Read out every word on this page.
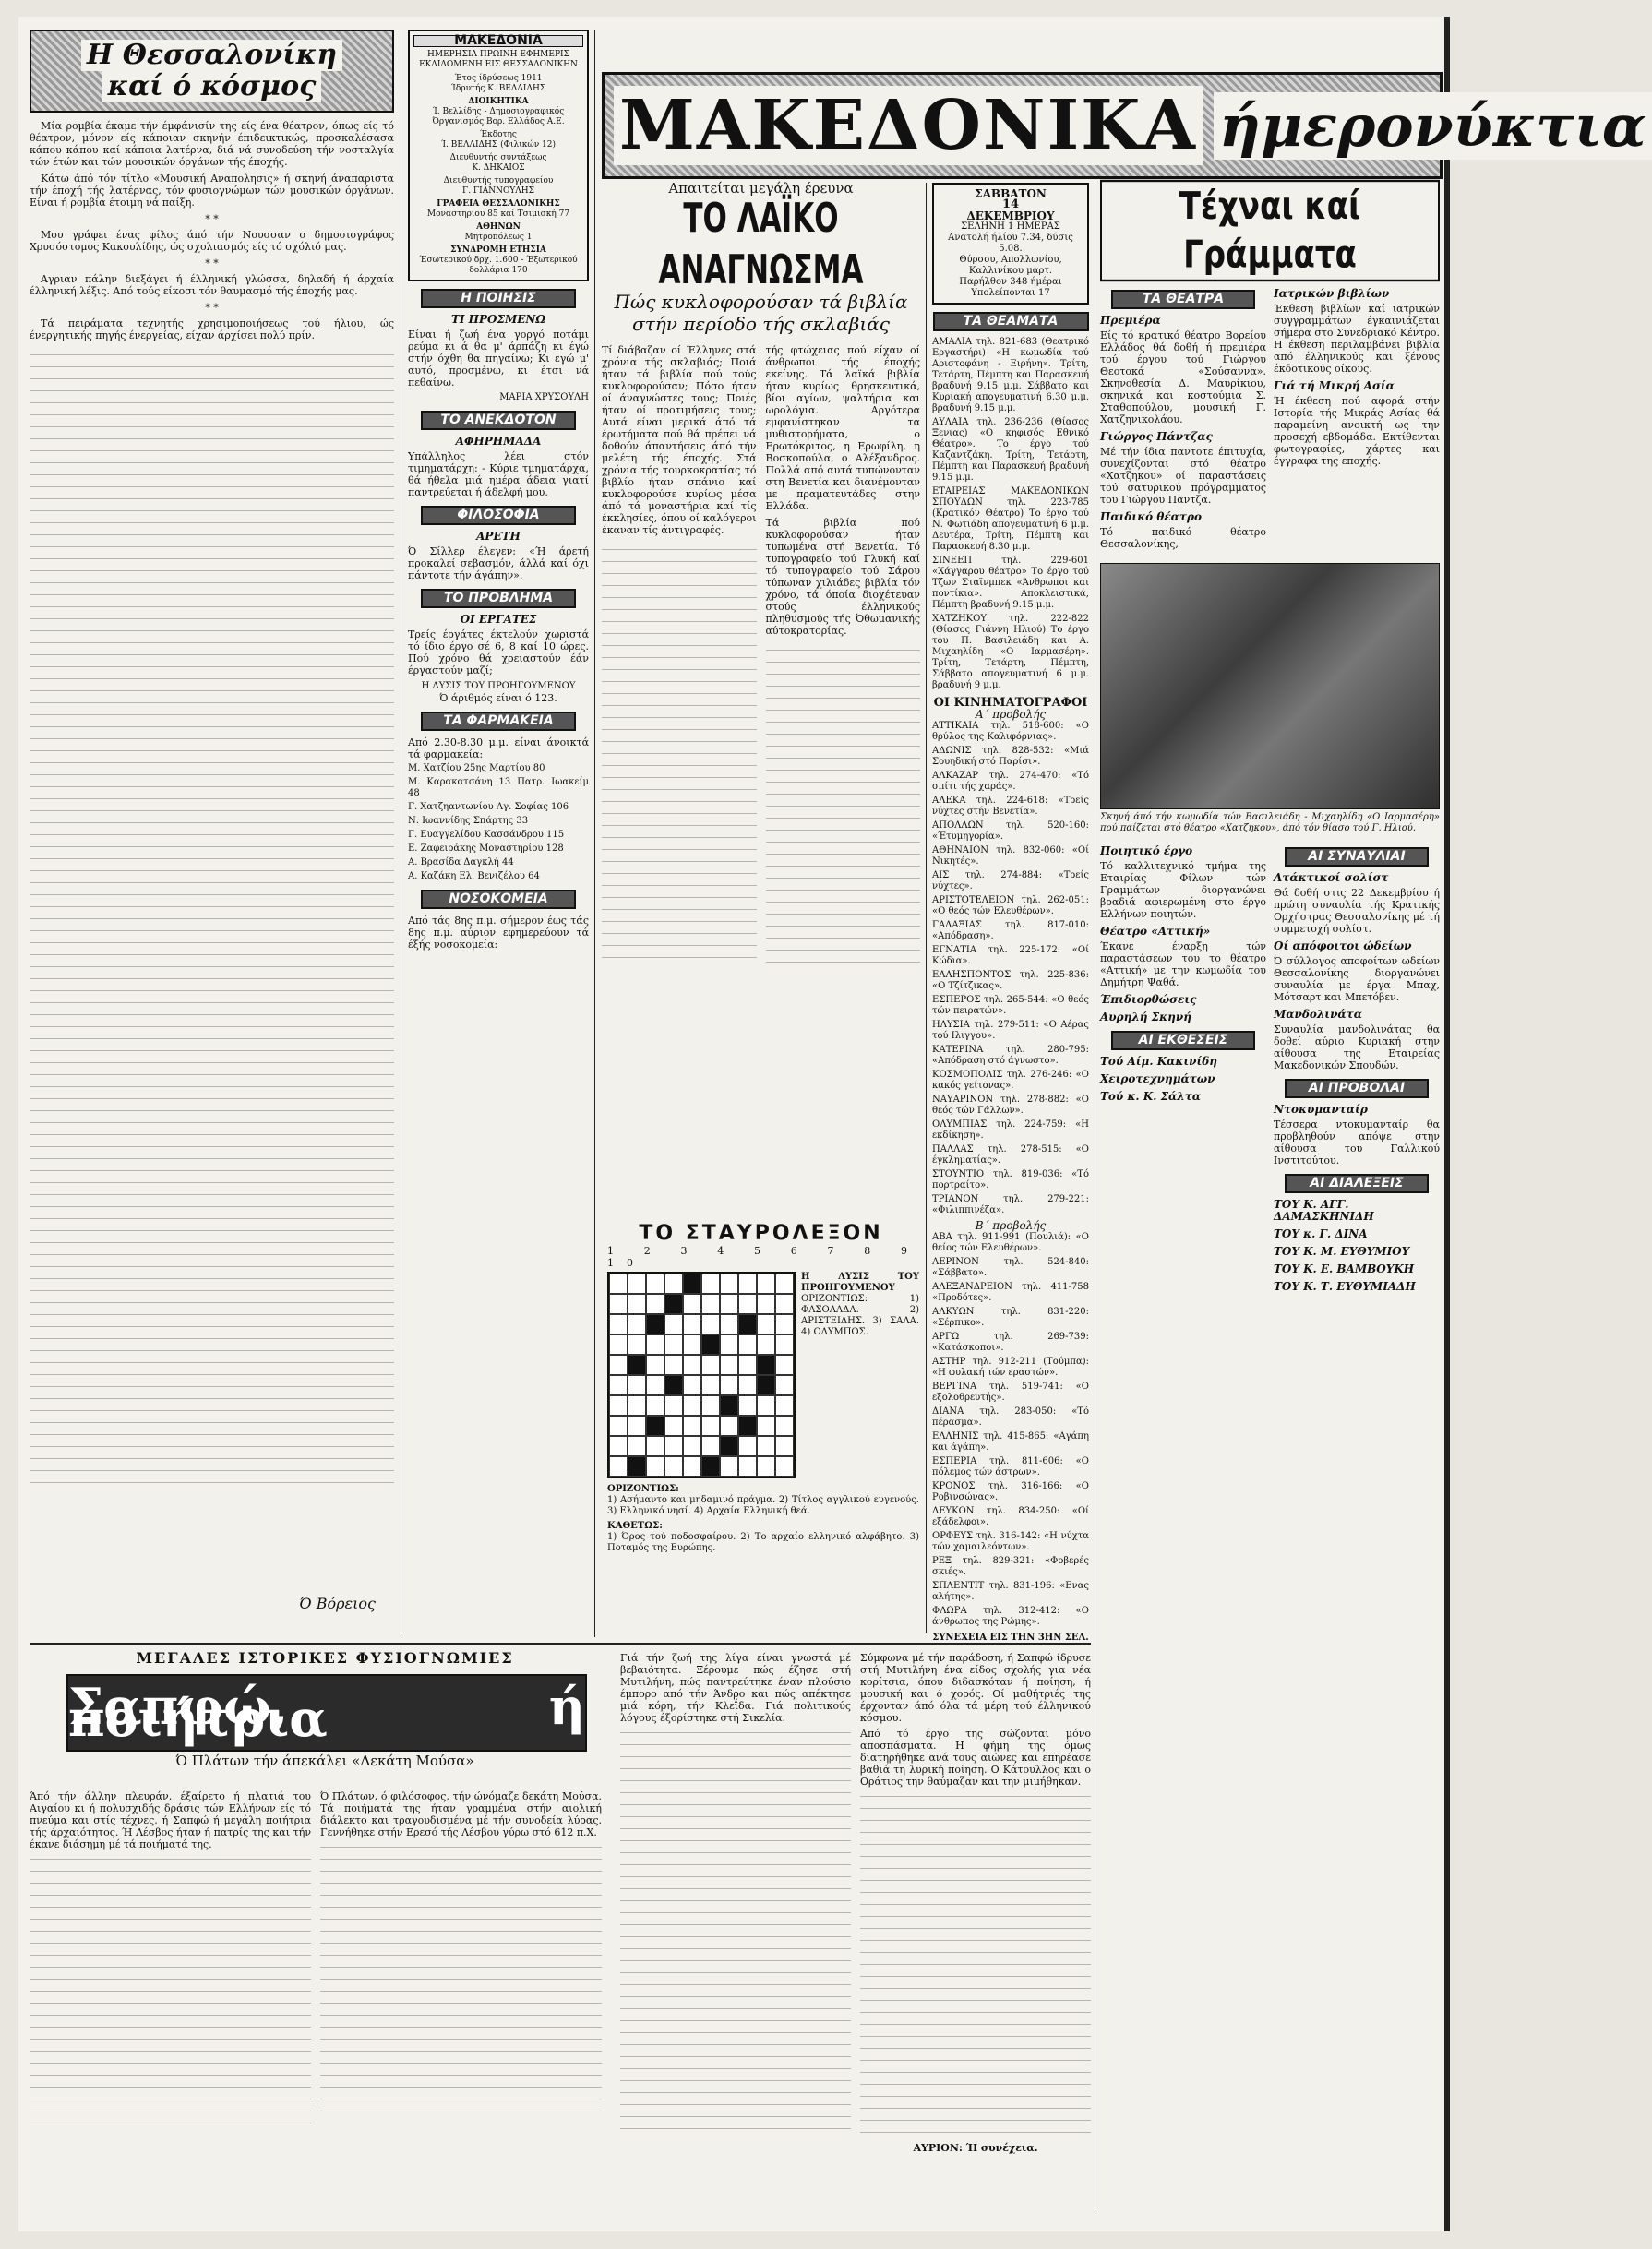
Η Θεσσαλονίκη
καί ό κόσμος

Μία ρομβία έκαμε τήν έμφάνισίν της είς ένα θέατρον, όπως είς τό θέατρον, μόνον είς κάποιαν σκηνήν έπιδεικτικώς, προσκαλέσασα κάπου κάπου καί κάποια λατέρνα, διά νά συνοδεύση τήν νοσταλγία τών έτών και τών μουσικών όργάνων τής έποχής.

Κάτω άπό τόν τίτλο «Μουσική Αναπολησις» ή σκηνή άναπαριστα τήν έποχή τής λατέρνας, τόν φυσιογνώμων τών μουσικών όργάνων. Είναι ή ρομβία έτοιμη νά παίξη.

* *

Μου γράφει ένας φίλος άπό τήν Νουσσαν ο δημοσιογράφος Χρυσόστομος Κακουλίδης, ώς σχολιασμός είς τό σχόλιό μας.

* *

Αγριαν πάλην διεξάγει ή έλληνική γλώσσα, δηλαδή ή άρχαία έλληνική λέξις. Από τούς είκοσι τόν θαυμασμό τής έποχής μας.

* *

Τά πειράματα τεχνητής χρησιμοποιήσεως τού ήλιου, ώς ένεργητικής πηγής ένεργείας, είχαν άρχίσει πολύ πρίν.

Ό Βόρειος
ΜΑΚΕΔΟΝΙΑ
ΗΜΕΡΗΣΙΑ ΠΡΩΙΝΗ ΕΦΗΜΕΡΙΣ ΕΚΔΙΔΟΜΕΝΗ ΕΙΣ ΘΕΣΣΑΛΟΝΙΚΗΝ
Έτος ίδρύσεως 1911
Ίδρυτής Κ. ΒΕΛΛΙΔΗΣ
ΔΙΟΙΚΗΤΙΚΑ
Ί. Βελλίδης - Δημοσιογραφικός Όργανισμός Βορ. Ελλάδος Α.Ε.
Έκδοτης
Ί. ΒΕΛΛΙΔΗΣ (Φιλικών 12)
Διευθυντής συντάξεως
Κ. ΔΗΚΑΙΟΣ
Διευθυντής τυπογραφείου
Γ. ΓΙΑΝΝΟΥΛΗΣ
ΓΡΑΦΕΙΑ ΘΕΣΣΑΛΟΝΙΚΗΣ
Μοναστηρίου 85 καί Τσιμισκή 77
ΑΘΗΝΩΝ
Μητροπόλεως 1
ΣΥΝΔΡΟΜΗ ΕΤΗΣΙΑ
Έσωτερικού δρχ. 1.600 - Έξωτερικού δολλάρια 170
Η ΠΟΙΗΣΙΣ
ΤΙ ΠΡΟΣΜΕΝΩ
Είναι ή ζωή ένα γοργό ποτάμι ρεύμα κι ά θα μ' άρπάζη κι έγώ στήν όχθη θα πηγαίνω; Κι εγώ μ' αυτό, προσμένω, κι έτσι νά πεθαίνω.
ΜΑΡΙΑ ΧΡΥΣΟΥΛΗ
ΤΟ ΑΝΕΚΔΟΤΟΝ
ΑΦΗΡΗΜΑΔΑ
Υπάλληλος λέει στόν τιμηματάρχη: - Κύριε τμηματάρχα, θά ήθελα μιά ημέρα άδεια γιατί παντρεύεται ή άδελφή μου.
ΦΙΛΟΣΟΦΙΑ
ΑΡΕΤΗ
Ό Σίλλερ έλεγεν: «Ή άρετή προκαλεί σεβασμόν, άλλά καί όχι πάντοτε τήν άγάπην».
ΤΟ ΠΡΟΒΛΗΜΑ
ΟΙ ΕΡΓΑΤΕΣ
Τρείς έργάτες έκτελούν χωριστά τό ίδιο έργο σέ 6, 8 καί 10 ώρες. Πού χρόνο θά χρειαστούν έάν έργαστούν μαζί;
Η ΛΥΣΙΣ ΤΟΥ ΠΡΟΗΓΟΥΜΕΝΟΥ
Ό άριθμός είναι ό 123.
ΤΑ ΦΑΡΜΑΚΕΙΑ
Από 2.30-8.30 μ.μ. είναι άνοικτά τά φαρμακεία:

Μ. Χατζίου 25ης Μαρτίου 80

Μ. Καρακατσάνη 13 Πατρ. Ιωακείμ 48

Γ. Χατζηαντωνίου Αγ. Σοφίας 106

Ν. Ιωαννίδης Σπάρτης 33

Γ. Ευαγγελίδου Κασσάνδρου 115

Ε. Ζαφειράκης Μοναστηρίου 128

Α. Βρασίδα Δαγκλή 44

Α. Καζάκη Ελ. Βενιζέλου 64

ΝΟΣΟΚΟΜΕΙΑ
Από τάς 8ης π.μ. σήμερον έως τάς 8ης π.μ. αύριον εφημερεύουν τά έξής νοσοκομεία:
ΜΑΚΕΔΟΝΙΚΑ ήμερονύκτια
Απαιτείται μεγάλη έρευνα
ΤΟ ΛΑΪΚΟ ΑΝΑΓΝΩΣΜΑ
Πώς κυκλοφορούσαν τά βιβλία
στήν περίοδο τής σκλαβιάς

Τί διάβαζαν οί Έλληνες στά χρόνια τής σκλαβιάς; Ποιά ήταν τά βιβλία πού τούς κυκλοφορούσαν; Πόσο ήταν οί άναγνώστες τους; Ποιές ήταν οί προτιμήσεις τους; Αυτά είναι μερικά άπό τά έρωτήματα πού θά πρέπει νά δοθούν άπαντήσεις άπό τήν μελέτη τής έποχής. Στά χρόνια τής τουρκοκρατίας τό βιβλίο ήταν σπάνιο καί κυκλοφορούσε κυρίως μέσα άπό τά μοναστήρια καί τίς έκκλησίες, όπου οί καλόγεροι έκαναν τίς άντιγραφές.

τής φτώχειας πού είχαν οί άνθρωποι τής έποχής εκείνης. Τά λαϊκά βιβλία ήταν κυρίως θρησκευτικά, βίοι αγίων, ψαλτήρια και ωρολόγια. Αργότερα εμφανίστηκαν τα μυθιστορήματα, ο Ερωτόκριτος, η Ερωφίλη, η Βοσκοπούλα, ο Αλέξανδρος. Πολλά από αυτά τυπώνονταν στη Βενετία και διανέμονταν με πραματευτάδες στην Ελλάδα.

Τά βιβλία πού κυκλοφορούσαν ήταν τυπωμένα στή Βενετία. Τό τυπογραφείο τού Γλυκή καί τό τυπογραφείο τού Σάρου τύπωναν χιλιάδες βιβλία τόν χρόνο, τά όποία διοχέτευαν στούς έλληνικούς πληθυσμούς τής Όθωμανικής αύτοκρατορίας.

ΤΟ ΣΤΑΥΡΟΛΕΞΟΝ
1 2 3 4 5 6 7 8 9 10
Η ΛΥΣΙΣ ΤΟΥ ΠΡΟΗΓΟΥΜΕΝΟΥ
ΟΡΙΖΟΝΤΙΩΣ: 1) ΦΑΣΟΛΑΔΑ. 2) ΑΡΙΣΤΕΙΔΗΣ. 3) ΣΑΛΑ. 4) ΟΛΥΜΠΟΣ.
ΟΡΙΖΟΝΤΙΩΣ:
1) Ασήμαντο και μηδαμινό πράγμα. 2) Τίτλος αγγλικού ευγενούς. 3) Ελληνικό νησί. 4) Αρχαία Ελληνική θεά.
ΚΑΘΕΤΩΣ:
1) Όρος τού ποδοσφαίρου. 2) Το αρχαίο ελληνικό αλφάβητο. 3) Ποταμός της Ευρώπης.
ΣΑΒΒΑΤΟΝ
14
ΔΕΚΕΜΒΡΙΟΥ
ΣΕΛΗΝΗ 1 ΗΜΕΡΑΣ
Ανατολή ήλίου 7.34, δύσις 5.08.
Θύρσου, Απολλωνίου, Καλλινίκου μαρτ.
Παρήλθον 348 ήμέραι
Υπολείπονται 17
ΤΑ ΘΕΑΜΑΤΑ

ΑΜΑΛΙΑ τηλ. 821-683 (Θεατρικό Εργαστήρι) «Η κωμωδία τού Αριστοφάνη - Ειρήνη». Τρίτη, Τετάρτη, Πέμπτη και Παρασκευή βραδυνή 9.15 μ.μ. Σάββατο και Κυριακή απογευματινή 6.30 μ.μ. βραδυνή 9.15 μ.μ.

ΑΥΛΑΙΑ τηλ. 236-236 (Θίασος Ξενιας) «Ο κηφισός Εθνικό Θέατρο». Το έργο τού Καζαντζάκη. Τρίτη, Τετάρτη, Πέμπτη και Παρασκευή βραδυνή 9.15 μ.μ.

ΕΤΑΙΡΕΙΑΣ ΜΑΚΕΔΟΝΙΚΩΝ ΣΠΟΥΔΩΝ τηλ. 223-785 (Κρατικόν Θέατρο) Το έργο τού Ν. Φωτιάδη απογευματινή 6 μ.μ. Δευτέρα, Τρίτη, Πέμπτη και Παρασκευή 8.30 μ.μ.

ΣΙΝΕΕΠ τηλ. 229-601 «Χάγγαρου θέατρο» Το έργο τού Τζων Σταϊνμπεκ «Άνθρωποι και ποντίκια». Αποκλειστικά, Πέμπτη βραδυνή 9.15 μ.μ.

ΧΑΤΖΗΚΟΥ τηλ. 222-822 (Θίασος Γιάννη Ηλιού) Το έργο του Π. Βασιλειάδη και Α. Μιχαηλίδη «Ο Ιαρμασέρη». Τρίτη, Τετάρτη, Πέμπτη, Σάββατο απογευματινή 6 μ.μ. βραδυνή 9 μ.μ.

ΟΙ ΚΙΝΗΜΑΤΟΓΡΑΦΟΙ
Α΄ προβολής

ΑΤΤΙΚΑΙΑ τηλ. 518-600: «Ο θρύλος της Καλιφόρνιας».

ΑΔΩΝΙΣ τηλ. 828-532: «Μιά Σουηδική στό Παρίσι».

ΑΛΚΑΖΑΡ τηλ. 274-470: «Τό σπίτι τής χαράς».

ΑΛΕΚΑ τηλ. 224-618: «Τρείς νύχτες στήν Βενετία».

ΑΠΟΛΛΩΝ τηλ. 520-160: «Έτυμηγορία».

ΑΘΗΝΑΙΟΝ τηλ. 832-060: «Οί Νικητές».

ΑΙΣ τηλ. 274-884: «Τρείς νύχτες».

ΑΡΙΣΤΟΤΕΛΕΙΟΝ τηλ. 262-051: «Ο θεός τών Ελευθέρων».

ΓΑΛΑΞΙΑΣ τηλ. 817-010: «Απόδραση».

ΕΓΝΑΤΙΑ τηλ. 225-172: «Οί Κώδια».

ΕΛΛΗΣΠΟΝΤΟΣ τηλ. 225-836: «Ο Τζίτζικας».

ΕΣΠΕΡΟΣ τηλ. 265-544: «Ο θεός τών πειρατών».

ΗΛΥΣΙΑ τηλ. 279-511: «Ο Αέρας τού Ιλιγγου».

ΚΑΤΕΡΙΝΑ τηλ. 280-795: «Απόδραση στό άγνωστο».

ΚΟΣΜΟΠΟΛΙΣ τηλ. 276-246: «Ο κακός γείτονας».

ΝΑΥΑΡΙΝΟΝ τηλ. 278-882: «Ο θεός τών Γάλλων».

ΟΛΥΜΠΙΑΣ τηλ. 224-759: «Η εκδίκηση».

ΠΑΛΛΑΣ τηλ. 278-515: «Ο έγκληματίας».

ΣΤΟΥΝΤΙΟ τηλ. 819-036: «Τό πορτραίτο».

ΤΡΙΑΝΟΝ τηλ. 279-221: «Φιλιππινέζα».

Β΄ προβολής

ΑΒΑ τηλ. 911-991 (Πουλιά): «Ο θείος τών Ελευθέρων».

ΑΕΡΙΝΟΝ τηλ. 524-840: «Σάββατο».

ΑΛΕΞΑΝΔΡΕΙΟΝ τηλ. 411-758 «Προδότες».

ΑΛΚΥΩΝ τηλ. 831-220: «Σέρπικο».

ΑΡΓΩ τηλ. 269-739: «Κατάσκοποι».

ΑΣΤΗΡ τηλ. 912-211 (Τούμπα): «Η φυλακή τών εραστών».

ΒΕΡΓΙΝΑ τηλ. 519-741: «Ο εξολοθρευτής».

ΔΙΑΝΑ τηλ. 283-050: «Τό πέρασμα».

ΕΛΛΗΝΙΣ τηλ. 415-865: «Αγάπη και άγάπη».

ΕΣΠΕΡΙΑ τηλ. 811-606: «Ο πόλεμος τών άστρων».

ΚΡΟΝΟΣ τηλ. 316-166: «Ο Ροβινσώνας».

ΛΕΥΚΟΝ τηλ. 834-250: «Οί εξάδελφοι».

ΟΡΦΕΥΣ τηλ. 316-142: «Η νύχτα τών χαμαιλεόντων».

ΡΕΞ τηλ. 829-321: «Φοβερές σκιές».

ΣΠΛΕΝΤΙΤ τηλ. 831-196: «Ενας αλήτης».

ΦΛΩΡΑ τηλ. 312-412: «Ο άνθρωπος της Ρώμης».

ΣΥΝΕΧΕΙΑ ΕΙΣ ΤΗΝ 3ΗΝ ΣΕΛ.
Τέχναι καί Γράμματα
ΤΑ ΘΕΑΤΡΑ
Πρεμιέρα
Είς τό κρατικό θέατρο Βορείου Ελλάδος θά δοθή ή πρεμιέρα τού έργου τού Γιώργου Θεοτοκά «Σούσαννα». Σκηνοθεσία Δ. Μαυρίκιου, σκηνικά και κοστούμια Σ. Σταθοπούλου, μουσική Γ. Χατζηνικολάου.
Γιώργος Πάντζας
Μέ τήν ίδια παντοτε έπιτυχία, συνεχίζονται στό θέατρο «Χατζηκου» οί παραστάσεις τού σατυρικού πρόγραμματος του Γιώργου Παντζα.
Παιδικό θέατρο
Τό παιδικό θέατρο Θεσσαλονίκης,
Ιατρικών βιβλίων
Έκθεση βιβλίων καί ιατρικών συγγραμμάτων έγκαινιάζεται σήμερα στο Συνεδριακό Κέντρο. Η έκθεση περιλαμβάνει βιβλία από έλληνικούς και ξένους έκδοτικούς οίκους.
Γιά τή Μικρή Ασία
Ή έκθεση πού αφορά στήν Ιστορία τής Μικράς Ασίας θά παραμείνη ανοικτή ως την προσεχή εβδομάδα. Εκτίθενται φωτογραφίες, χάρτες και έγγραφα της εποχής.
Σκηνή άπό τήν κωμωδία τών Βασιλειάδη - Μιχαηλίδη «Ο Ιαρμασέρη» πού παίζεται στό θέατρο «Χατζηκου», άπό τόν θίασο τού Γ. Ηλιού.
Ποιητικό έργο
Τό καλλιτεχνικό τμήμα της Εταιρίας Φίλων τών Γραμμάτων διοργανώνει βραδιά αφιερωμένη στο έργο Ελλήνων ποιητών.
Θέατρο «Αττική»
Έκανε έναρξη τών παραστάσεων του το θέατρο «Αττική» με την κωμωδία του Δημήτρη Ψαθά.
Έπιδιορθώσεις
Αυρηλή Σκηνή
ΑΙ ΕΚΘΕΣΕΙΣ
Τού Αίμ. Κακινίδη
Χειροτεχνημάτων
Τού κ. Κ. Σάλτα
ΑΙ ΣΥΝΑΥΛΙΑΙ
Ατάκτικοί σολίστ
Θά δοθή στις 22 Δεκεμβρίου ή πρώτη συναυλία τής Κρατικής Ορχήστρας Θεσσαλονίκης μέ τή συμμετοχή σολίστ.
Οί απόφοιτοι ώδείων
Ό σύλλογος αποφοίτων ωδείων Θεσσαλονίκης διοργανώνει συναυλία με έργα Μπαχ, Μότσαρτ και Μπετόβεν.
Μανδολινάτα
Συναυλία μανδολινάτας θα δοθεί αύριο Κυριακή στην αίθουσα της Εταιρείας Μακεδονικών Σπουδών.
ΑΙ ΠΡΟΒΟΛΑΙ
Ντοκυμανταίρ
Τέσσερα ντοκυμανταίρ θα προβληθούν απόψε στην αίθουσα του Γαλλικού Ινστιτούτου.
ΑΙ ΔΙΑΛΕΞΕΙΣ
ΤΟΥ Κ. ΑΓΓ. ΔΑΜΑΣΚΗΝΙΔΗ
ΤΟΥ κ. Γ. ΔΙΝΑ
ΤΟΥ Κ. Μ. ΕΥΘΥΜΙΟΥ
ΤΟΥ Κ. Ε. ΒΑΜΒΟΥΚΗ
ΤΟΥ Κ. Τ. ΕΥΘΥΜΙΑΔΗ
ΜΕΓΑΛΕΣ ΙΣΤΟΡΙΚΕΣ ΦΥΣΙΟΓΝΩΜΙΕΣ
Σαπφώ, ή ποιήτρια
Ό Πλάτων τήν άπεκάλει «Δεκάτη Μούσα»

Άπό τήν άλλην πλευράν, έξαίρετο ή πλατιά του Αιγαίου κι ή πολυσχιδής δράσις τών Ελλήνων είς τό πνεύμα και στίς τέχνες, ή Σαπφώ ή μεγάλη ποιήτρια τής άρχαιότητος. Ή Λέσβος ήταν ή πατρίς της και τήν έκανε διάσημη μέ τά ποιήματά της.

Ό Πλάτων, ό φιλόσοφος, τήν ώνόμαζε δεκάτη Μούσα. Τά ποιήματά της ήταν γραμμένα στήν αιολική διάλεκτο και τραγουδισμένα μέ τήν συνοδεία λύρας. Γεννήθηκε στήν Ερεσό τής Λέσβου γύρω στό 612 π.Χ.

Γιά τήν ζωή της λίγα είναι γνωστά μέ βεβαιότητα. Ξέρουμε πώς έζησε στή Μυτιλήνη, πώς παντρεύτηκε έναν πλούσιο έμπορο από τήν Άνδρο και πώς απέκτησε μιά κόρη, τήν Κλεΐδα. Γιά πολιτικούς λόγους έξορίστηκε στή Σικελία.

Σύμφωνα μέ τήν παράδοση, ή Σαπφώ ίδρυσε στή Μυτιλήνη ένα είδος σχολής για νέα κορίτσια, όπου διδασκόταν ή ποίηση, ή μουσική και ό χορός. Οί μαθήτριές της έρχονταν άπό όλα τά μέρη τού έλληνικού κόσμου.

Από τό έργο της σώζονται μόνο αποσπάσματα. Η φήμη της όμως διατηρήθηκε ανά τους αιώνες και επηρέασε βαθιά τη λυρική ποίηση. Ο Κάτουλλος και ο Οράτιος την θαύμαζαν και την μιμήθηκαν.

ΑΥΡΙΟΝ: Ή συνέχεια.
